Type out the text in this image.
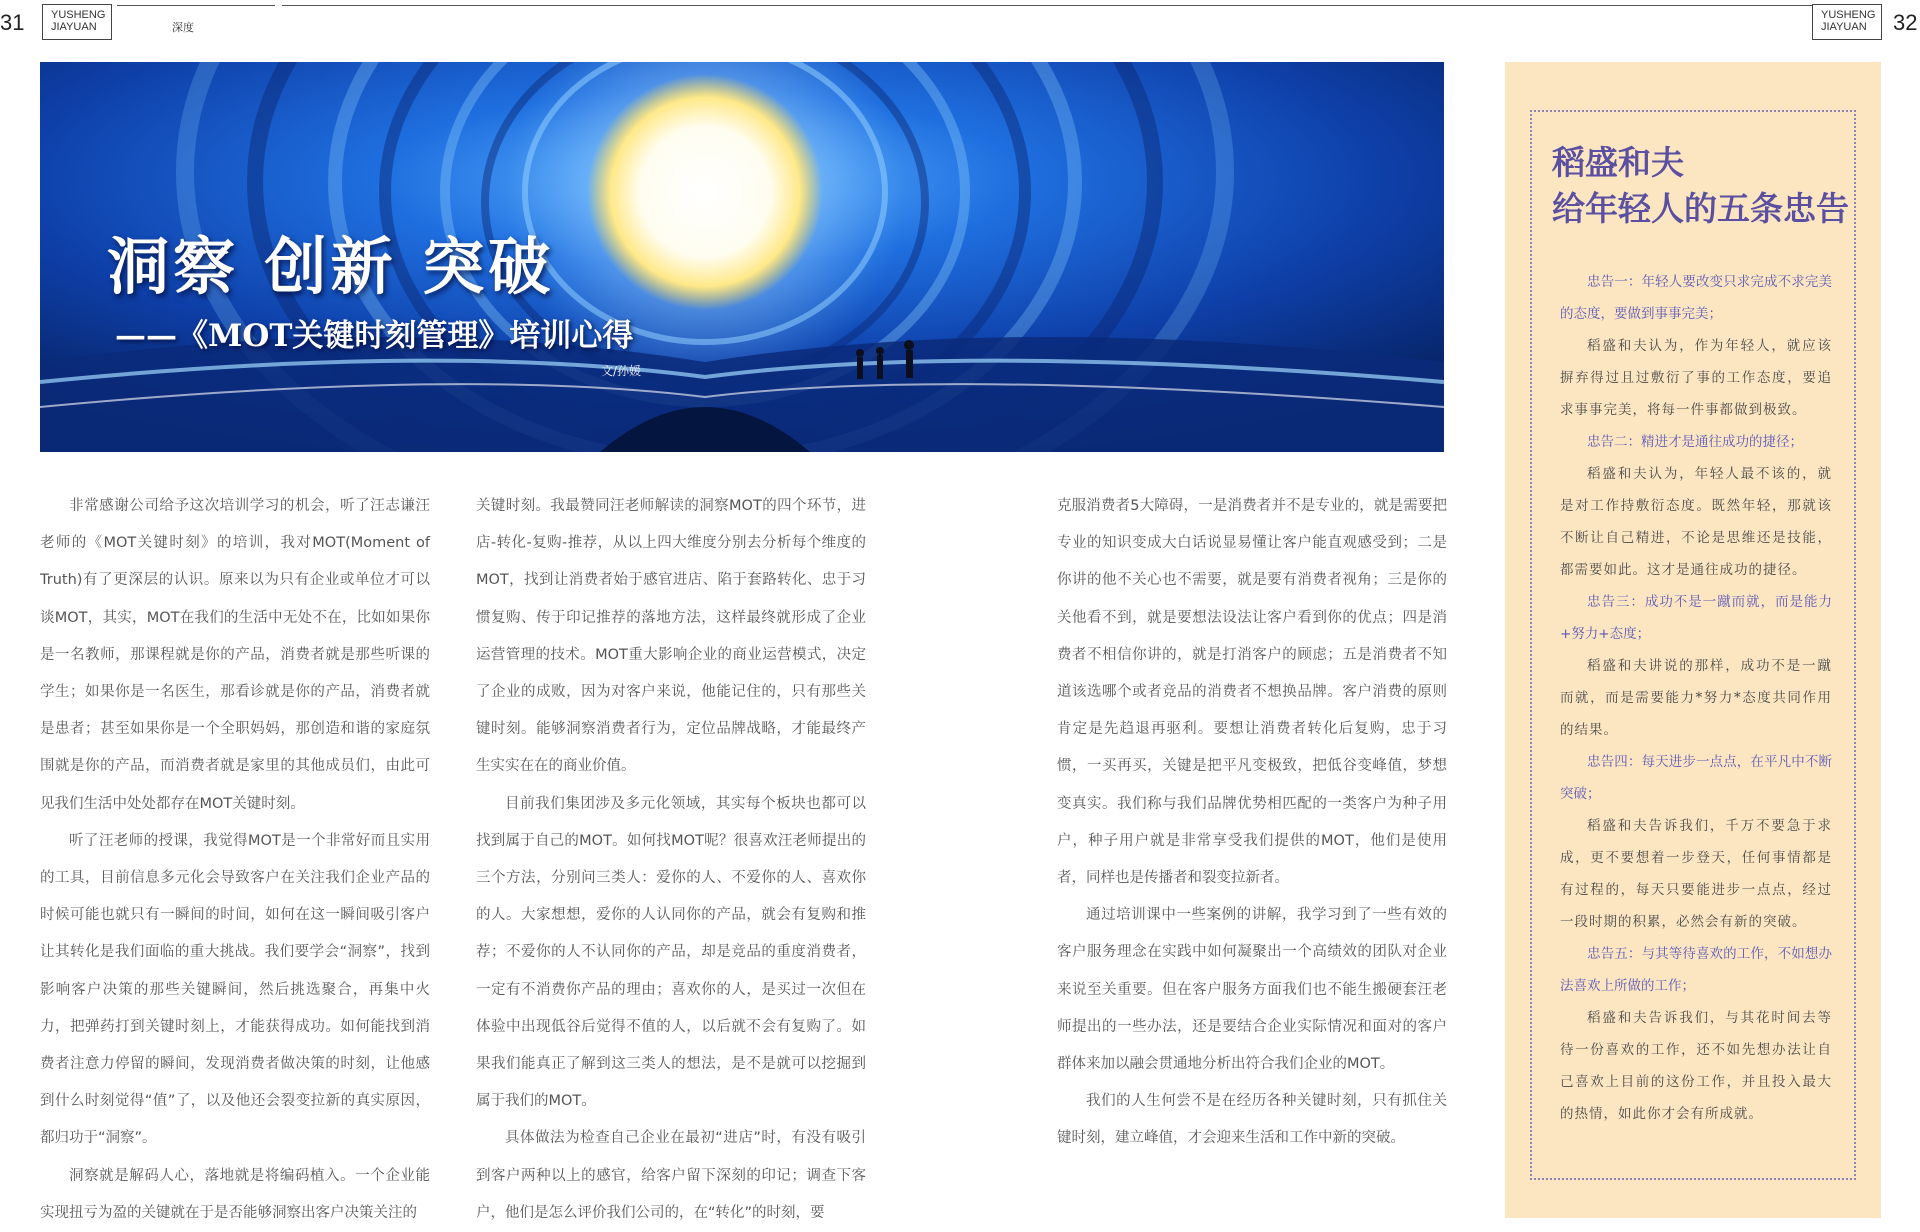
31 YUSHENG
JIAYUAN	深度
YUSHENG
JIAYUAN 32
洞察 创新 突破
——《MOT关键时刻管理》培训心得
文/孙媛

非常感谢公司给予这次培训学习的机会，听了汪志谦汪老师的《MOT关键时刻》的培训，我对MOT(Moment of Truth)有了更深层的认识。原来以为只有企业或单位才可以谈MOT，其实，MOT在我们的生活中无处不在，比如如果你是一名教师，那课程就是你的产品，消费者就是那些听课的学生；如果你是一名医生，那看诊就是你的产品，消费者就是患者；甚至如果你是一个全职妈妈，那创造和谐的家庭氛围就是你的产品，而消费者就是家里的其他成员们，由此可见我们生活中处处都存在MOT关键时刻。

听了汪老师的授课，我觉得MOT是一个非常好而且实用的工具，目前信息多元化会导致客户在关注我们企业产品的时候可能也就只有一瞬间的时间，如何在这一瞬间吸引客户让其转化是我们面临的重大挑战。我们要学会“洞察”，找到影响客户决策的那些关键瞬间，然后挑选聚合，再集中火力，把弹药打到关键时刻上，才能获得成功。如何能找到消费者注意力停留的瞬间，发现消费者做决策的时刻，让他感到什么时刻觉得“值”了，以及他还会裂变拉新的真实原因，都归功于“洞察”。

洞察就是解码人心，落地就是将编码植入。一个企业能实现扭亏为盈的关键就在于是否能够洞察出客户决策关注的

关键时刻。我最赞同汪老师解读的洞察MOT的四个环节，进店-转化-复购-推荐，从以上四大维度分别去分析每个维度的MOT，找到让消费者始于感官进店、陷于套路转化、忠于习惯复购、传于印记推荐的落地方法，这样最终就形成了企业运营管理的技术。MOT重大影响企业的商业运营模式，决定了企业的成败，因为对客户来说，他能记住的，只有那些关键时刻。能够洞察消费者行为，定位品牌战略，才能最终产生实实在在的商业价值。

目前我们集团涉及多元化领域，其实每个板块也都可以找到属于自己的MOT。如何找MOT呢？很喜欢汪老师提出的三个方法，分别问三类人：爱你的人、不爱你的人、喜欢你的人。大家想想，爱你的人认同你的产品，就会有复购和推荐；不爱你的人不认同你的产品，却是竞品的重度消费者，一定有不消费你产品的理由；喜欢你的人，是买过一次但在体验中出现低谷后觉得不值的人，以后就不会有复购了。如果我们能真正了解到这三类人的想法，是不是就可以挖掘到属于我们的MOT。

具体做法为检查自己企业在最初“进店”时，有没有吸引到客户两种以上的感官，给客户留下深刻的印记；调查下客户，他们是怎么评价我们公司的，在“转化”的时刻，要

克服消费者5大障碍，一是消费者并不是专业的，就是需要把专业的知识变成大白话说显易懂让客户能直观感受到；二是你讲的他不关心也不需要，就是要有消费者视角；三是你的关他看不到，就是要想法设法让客户看到你的优点；四是消费者不相信你讲的，就是打消客户的顾虑；五是消费者不知道该选哪个或者竞品的消费者不想换品牌。客户消费的原则肯定是先趋退再驱利。要想让消费者转化后复购，忠于习惯，一买再买，关键是把平凡变极致，把低谷变峰值，梦想变真实。我们称与我们品牌优势相匹配的一类客户为种子用户，种子用户就是非常享受我们提供的MOT，他们是使用者，同样也是传播者和裂变拉新者。

通过培训课中一些案例的讲解，我学习到了一些有效的客户服务理念在实践中如何凝聚出一个高绩效的团队对企业来说至关重要。但在客户服务方面我们也不能生搬硬套汪老师提出的一些办法，还是要结合企业实际情况和面对的客户群体来加以融会贯通地分析出符合我们企业的MOT。

我们的人生何尝不是在经历各种关键时刻，只有抓住关键时刻，建立峰值，才会迎来生活和工作中新的突破。

稻盛和夫
给年轻人的五条忠告

忠告一：年轻人要改变只求完成不求完美的态度，要做到事事完美；

稻盛和夫认为，作为年轻人，就应该摒弃得过且过敷衍了事的工作态度，要追求事事完美，将每一件事都做到极致。

忠告二：精进才是通往成功的捷径；

稻盛和夫认为，年轻人最不该的，就是对工作持敷衍态度。既然年轻，那就该不断让自己精进，不论是思维还是技能，都需要如此。这才是通往成功的捷径。

忠告三：成功不是一蹴而就，而是能力+努力+态度；

稻盛和夫讲说的那样，成功不是一蹴而就，而是需要能力*努力*态度共同作用的结果。

忠告四：每天进步一点点，在平凡中不断突破；

稻盛和夫告诉我们，千万不要急于求成，更不要想着一步登天，任何事情都是有过程的，每天只要能进步一点点，经过一段时期的积累，必然会有新的突破。

忠告五：与其等待喜欢的工作，不如想办法喜欢上所做的工作；

稻盛和夫告诉我们，与其花时间去等待一份喜欢的工作，还不如先想办法让自己喜欢上目前的这份工作，并且投入最大的热情，如此你才会有所成就。
